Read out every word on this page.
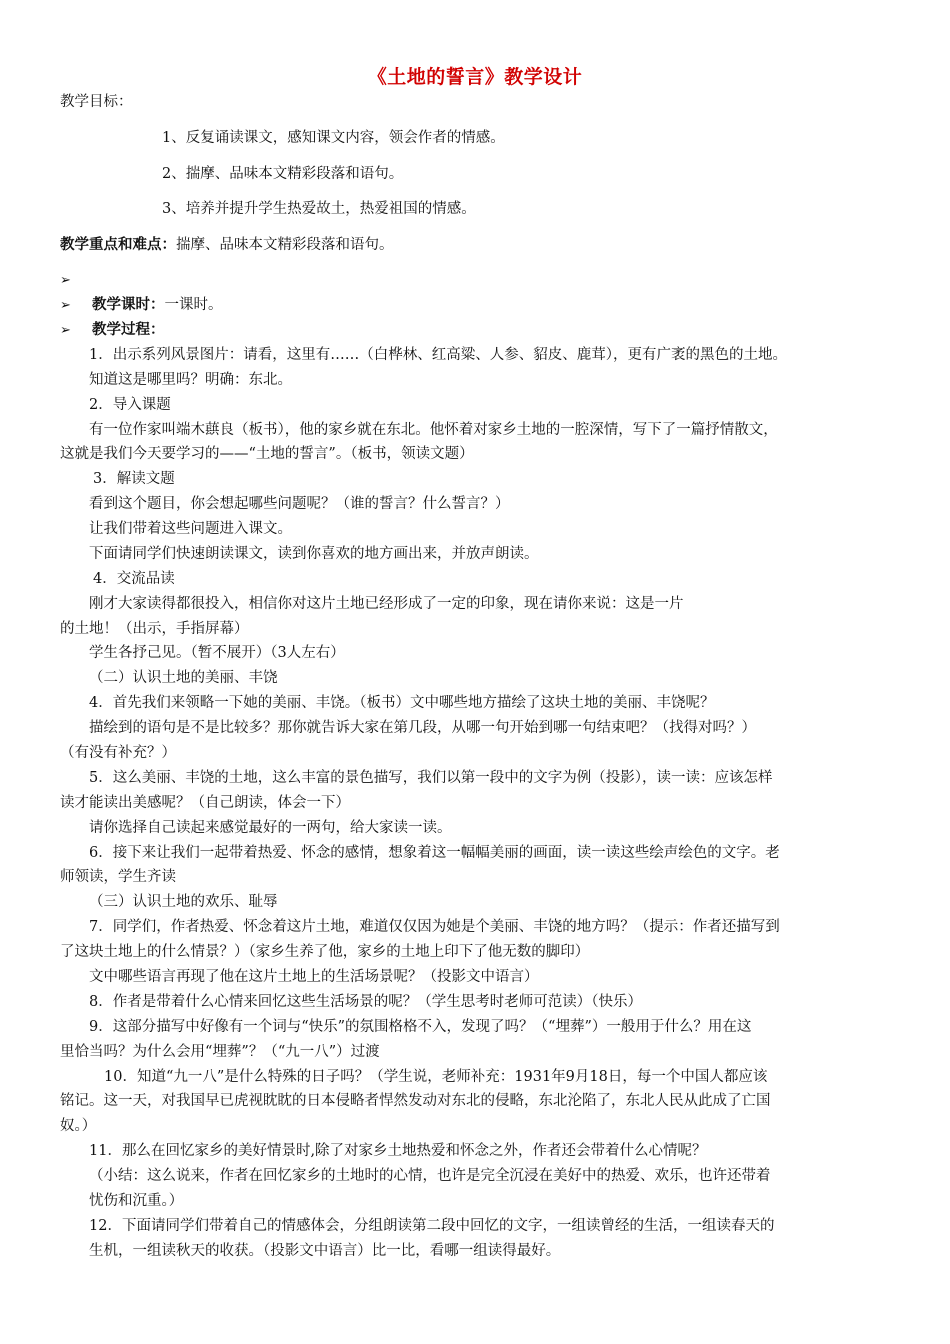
《土地的誓言》教学设计
教学目标：
1、反复诵读课文，感知课文内容，领会作者的情感。
2、揣摩、品味本文精彩段落和语句。
3、培养并提升学生热爱故土，热爱祖国的情感。
教学重点和难点：揣摩、品味本文精彩段落和语句。
➢
➢ 教学课时：一课时。
➢ 教学过程：
1．出示系列风景图片：请看，这里有……（白桦林、红高粱、人参、貂皮、鹿茸），更有广袤的黑色的土地。
知道这是哪里吗？明确：东北。
2．导入课题
有一位作家叫端木蕻良（板书），他的家乡就在东北。他怀着对家乡土地的一腔深情，写下了一篇抒情散文，
这就是我们今天要学习的——“土地的誓言”。（板书，领读文题）
3．解读文题
看到这个题目，你会想起哪些问题呢？（谁的誓言？什么誓言？）
让我们带着这些问题进入课文。
下面请同学们快速朗读课文，读到你喜欢的地方画出来，并放声朗读。
4．交流品读
刚才大家读得都很投入，相信你对这片土地已经形成了一定的印象，现在请你来说：这是一片
的土地！（出示，手指屏幕）
学生各抒己见。（暂不展开）（3人左右）
（二）认识土地的美丽、丰饶
4．首先我们来领略一下她的美丽、丰饶。（板书）文中哪些地方描绘了这块土地的美丽、丰饶呢？
描绘到的语句是不是比较多？那你就告诉大家在第几段，从哪一句开始到哪一句结束吧？（找得对吗？）
（有没有补充？）
5．这么美丽、丰饶的土地，这么丰富的景色描写，我们以第一段中的文字为例（投影），读一读：应该怎样
读才能读出美感呢？（自己朗读，体会一下）
请你选择自己读起来感觉最好的一两句，给大家读一读。
6．接下来让我们一起带着热爱、怀念的感情，想象着这一幅幅美丽的画面，读一读这些绘声绘色的文字。老
师领读，学生齐读
（三）认识土地的欢乐、耻辱
7．同学们，作者热爱、怀念着这片土地，难道仅仅因为她是个美丽、丰饶的地方吗？（提示：作者还描写到
了这块土地上的什么情景？）（家乡生养了他，家乡的土地上印下了他无数的脚印）
文中哪些语言再现了他在这片土地上的生活场景呢？（投影文中语言）
8．作者是带着什么心情来回忆这些生活场景的呢？（学生思考时老师可范读）（快乐）
9．这部分描写中好像有一个词与“快乐”的氛围格格不入，发现了吗？（“埋葬”）一般用于什么？用在这
里恰当吗？为什么会用“埋葬”？（“九一八”）过渡
10．知道“九一八”是什么特殊的日子吗？（学生说，老师补充：1931年9月18日，每一个中国人都应该
铭记。这一天，对我国早已虎视眈眈的日本侵略者悍然发动对东北的侵略，东北沦陷了，东北人民从此成了亡国
奴。）
11．那么在回忆家乡的美好情景时,除了对家乡土地热爱和怀念之外，作者还会带着什么心情呢？
（小结：这么说来，作者在回忆家乡的土地时的心情，也许是完全沉浸在美好中的热爱、欢乐，也许还带着
忧伤和沉重。）
12．下面请同学们带着自己的情感体会，分组朗读第二段中回忆的文字，一组读曾经的生活，一组读春天的
生机，一组读秋天的收获。（投影文中语言）比一比，看哪一组读得最好。
